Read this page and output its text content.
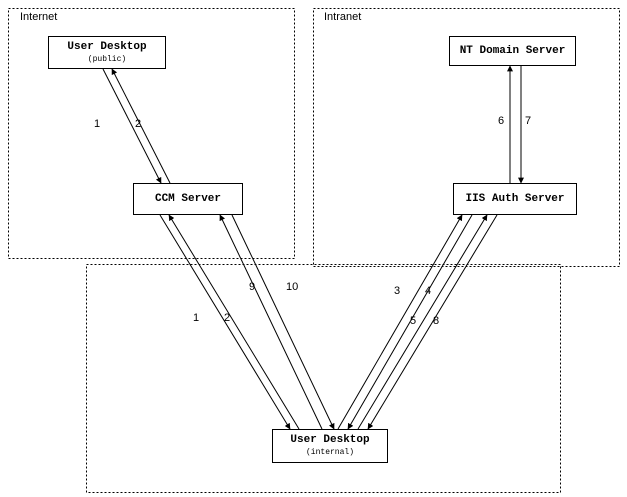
Internet	Intranet
User Desktop
(public)
CCM Server
NT Domain Server
IIS Auth Server
User Desktop
(internal)
1	2	6 7
9	10	3 4
1 2	5 8
